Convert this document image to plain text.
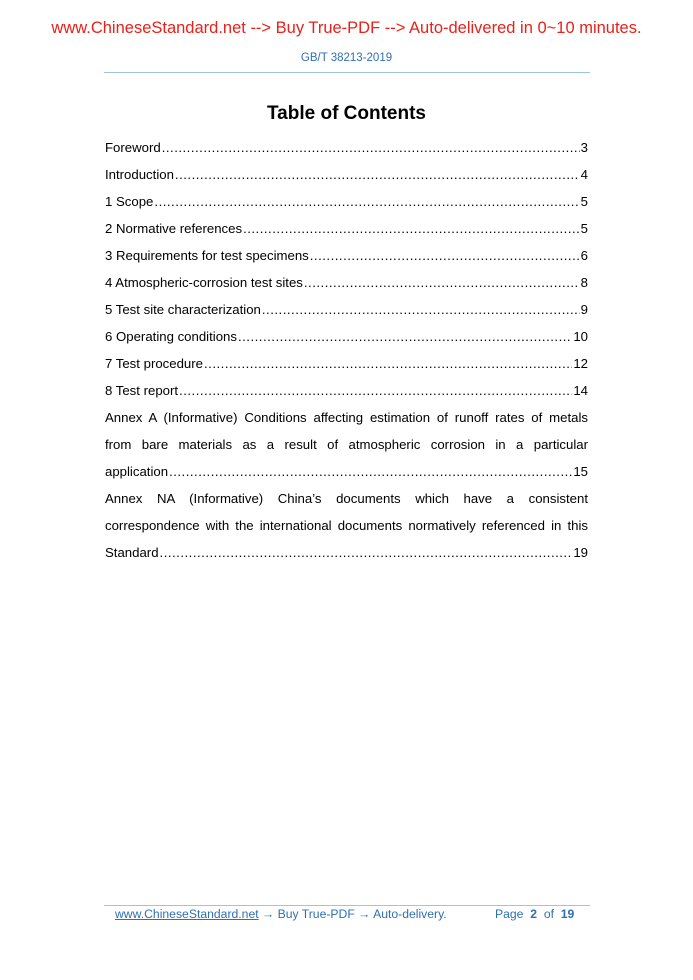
www.ChineseStandard.net --> Buy True-PDF --> Auto-delivered in 0~10 minutes.
GB/T 38213-2019
Table of Contents
Foreword .....	3
Introduction .....	4
1 Scope .....	5
2 Normative references .....	5
3 Requirements for test specimens .....	6
4 Atmospheric-corrosion test sites .....	8
5 Test site characterization .....	9
6 Operating conditions .....	10
7 Test procedure .....	12
8 Test report .....	14
Annex A (Informative) Conditions affecting estimation of runoff rates of metals
from bare materials as a result of atmospheric corrosion in a particular
application .....	15
Annex NA (Informative) China’s documents which have a consistent
correspondence with the international documents normatively referenced in this
Standard .....	19
www.ChineseStandard.net → Buy True-PDF → Auto-delivery.	Page 2 of 19
